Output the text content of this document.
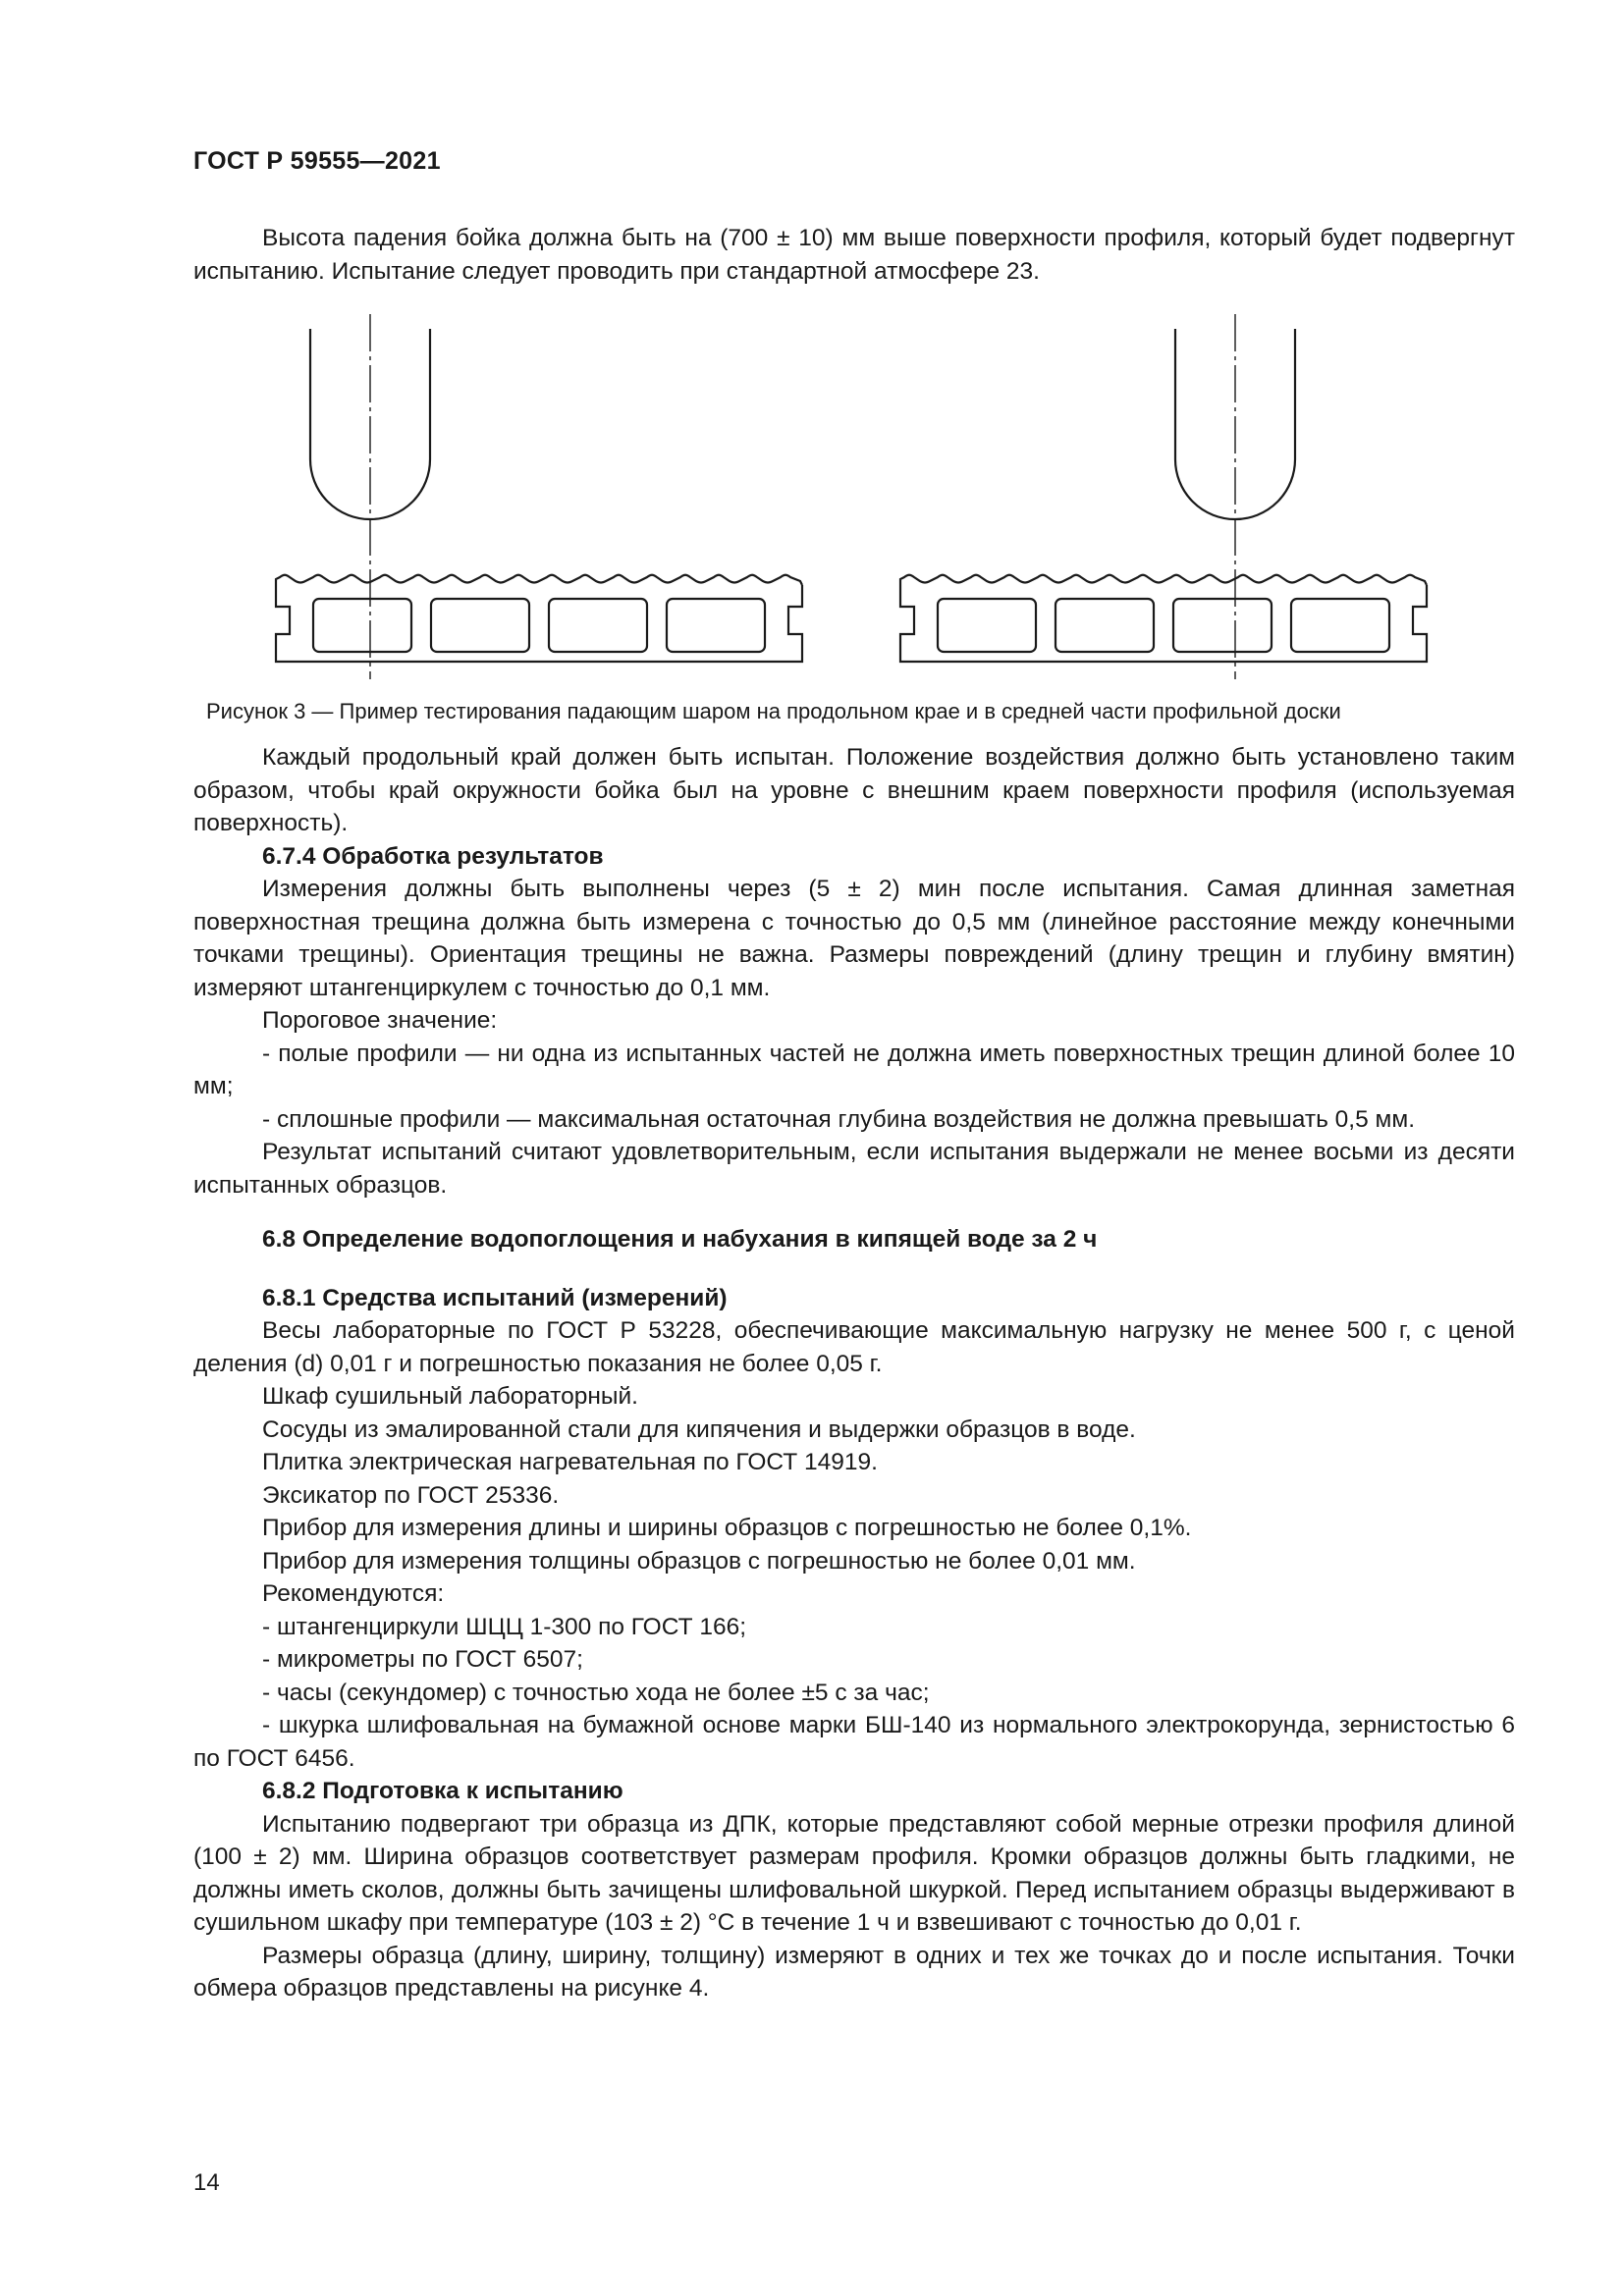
ГОСТ Р 59555—2021

Высота падения бойка должна быть на (700 ± 10) мм выше поверхности профиля, который будет подвергнут испытанию. Испытание следует проводить при стандартной атмосфере 23.

Рисунок 3 — Пример тестирования падающим шаром на продольном крае и в средней части профильной доски

Каждый продольный край должен быть испытан. Положение воздействия должно быть установлено таким образом, чтобы край окружности бойка был на уровне с внешним краем поверхности профиля (используемая поверхность).

6.7.4 Обработка результатов

Измерения должны быть выполнены через (5 ± 2) мин после испытания. Самая длинная заметная поверхностная трещина должна быть измерена с точностью до 0,5 мм (линейное расстояние между конечными точками трещины). Ориентация трещины не важна. Размеры повреждений (длину трещин и глубину вмятин) измеряют штангенциркулем с точностью до 0,1 мм.

Пороговое значение:

- полые профили — ни одна из испытанных частей не должна иметь поверхностных трещин длиной более 10 мм;

- сплошные профили — максимальная остаточная глубина воздействия не должна превышать 0,5 мм.

Результат испытаний считают удовлетворительным, если испытания выдержали не менее восьми из десяти испытанных образцов.

6.8 Определение водопоглощения и набухания в кипящей воде за 2 ч

6.8.1 Средства испытаний (измерений)

Весы лабораторные по ГОСТ Р 53228, обеспечивающие максимальную нагрузку не менее 500 г, с ценой деления (d) 0,01 г и погрешностью показания не более 0,05 г.

Шкаф сушильный лабораторный.

Сосуды из эмалированной стали для кипячения и выдержки образцов в воде.

Плитка электрическая нагревательная по ГОСТ 14919.

Эксикатор по ГОСТ 25336.

Прибор для измерения длины и ширины образцов с погрешностью не более 0,1%.

Прибор для измерения толщины образцов с погрешностью не более 0,01 мм.

Рекомендуются:

- штангенциркули ШЦЦ 1-300 по ГОСТ 166;

- микрометры по ГОСТ 6507;

- часы (секундомер) с точностью хода не более ±5 с за час;

- шкурка шлифовальная на бумажной основе марки БШ-140 из нормального электрокорунда, зернистостью 6 по ГОСТ 6456.

6.8.2 Подготовка к испытанию

Испытанию подвергают три образца из ДПК, которые представляют собой мерные отрезки профиля длиной (100 ± 2) мм. Ширина образцов соответствует размерам профиля. Кромки образцов должны быть гладкими, не должны иметь сколов, должны быть зачищены шлифовальной шкуркой. Перед испытанием образцы выдерживают в сушильном шкафу при температуре (103 ± 2) °С в течение 1 ч и взвешивают с точностью до 0,01 г.

Размеры образца (длину, ширину, толщину) измеряют в одних и тех же точках до и после испытания. Точки обмера образцов представлены на рисунке 4.

14
